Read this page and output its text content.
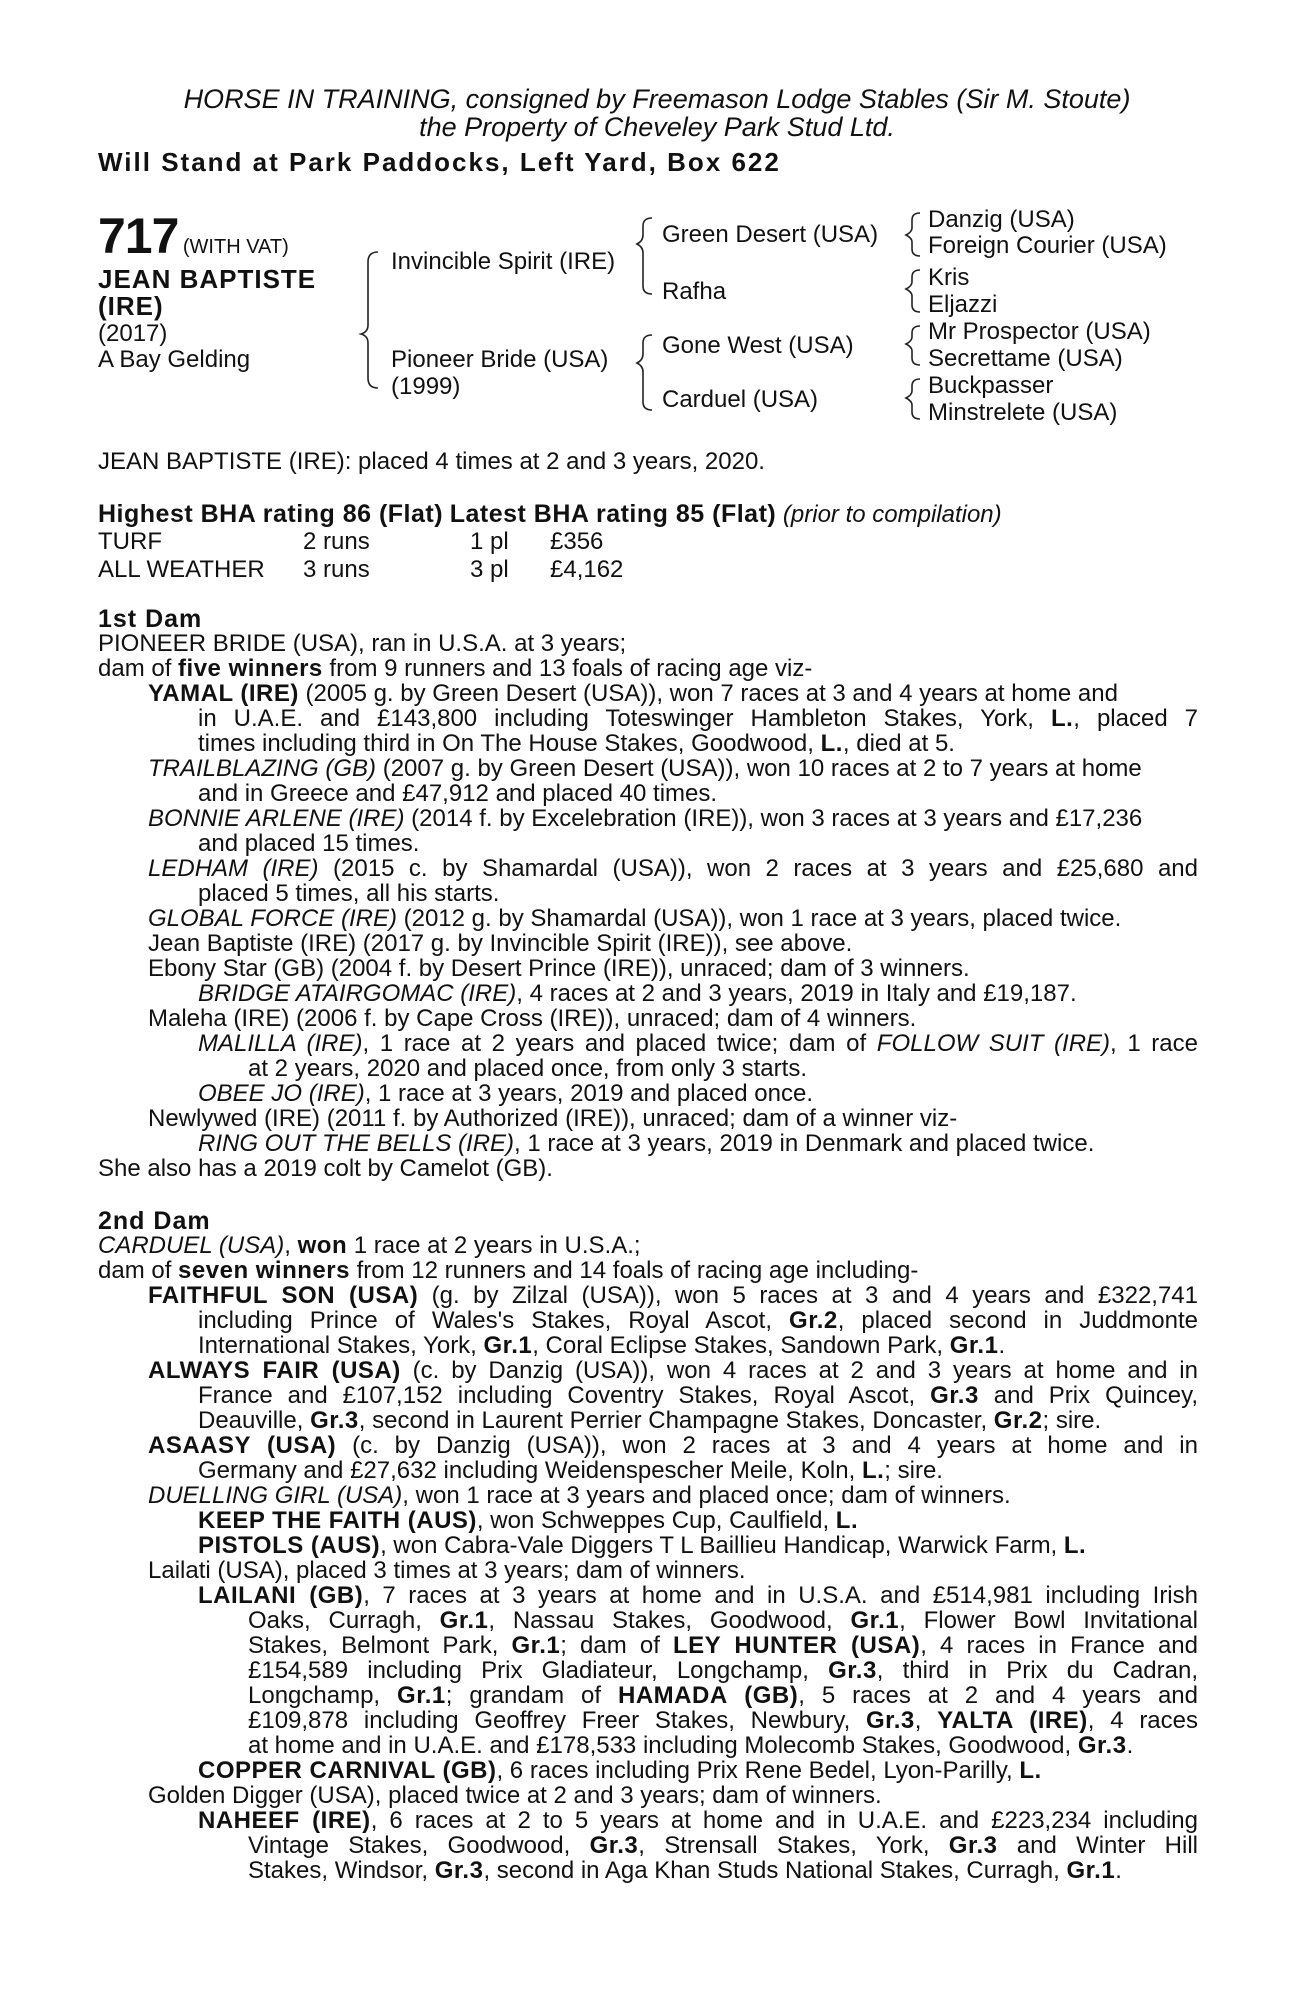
HORSE IN TRAINING, consigned by Freemason Lodge Stables (Sir M. Stoute)
the Property of Cheveley Park Stud Ltd.
Will Stand at Park Paddocks, Left Yard, Box 622
717 (WITH VAT)
JEAN BAPTISTE
(IRE)
(2017)
A Bay Gelding
Invincible Spirit (IRE)
Pioneer Bride (USA)
(1999)
Green Desert (USA)
Rafha
Gone West (USA)
Carduel (USA)
Danzig (USA)
Foreign Courier (USA)
Kris
Eljazzi
Mr Prospector (USA)
Secrettame (USA)
Buckpasser
Minstrelete (USA)
JEAN BAPTISTE (IRE): placed 4 times at 2 and 3 years, 2020.
Highest BHA rating 86 (Flat) Latest BHA rating 85 (Flat) (prior to compilation)
TURF	2 runs	1 pl	£356
ALL WEATHER	3 runs	3 pl	£4,162
1st Dam
PIONEER BRIDE (USA), ran in U.S.A. at 3 years;
dam of five winners from 9 runners and 13 foals of racing age viz-
YAMAL (IRE) (2005 g. by Green Desert (USA)), won 7 races at 3 and 4 years at home and
in U.A.E. and £143,800 including Toteswinger Hambleton Stakes, York, L., placed 7
times including third in On The House Stakes, Goodwood, L., died at 5.
TRAILBLAZING (GB) (2007 g. by Green Desert (USA)), won 10 races at 2 to 7 years at home
and in Greece and £47,912 and placed 40 times.
BONNIE ARLENE (IRE) (2014 f. by Excelebration (IRE)), won 3 races at 3 years and £17,236
and placed 15 times.
LEDHAM (IRE) (2015 c. by Shamardal (USA)), won 2 races at 3 years and £25,680 and
placed 5 times, all his starts.
GLOBAL FORCE (IRE) (2012 g. by Shamardal (USA)), won 1 race at 3 years, placed twice.
Jean Baptiste (IRE) (2017 g. by Invincible Spirit (IRE)), see above.
Ebony Star (GB) (2004 f. by Desert Prince (IRE)), unraced; dam of 3 winners.
BRIDGE ATAIRGOMAC (IRE), 4 races at 2 and 3 years, 2019 in Italy and £19,187.
Maleha (IRE) (2006 f. by Cape Cross (IRE)), unraced; dam of 4 winners.
MALILLA (IRE), 1 race at 2 years and placed twice; dam of FOLLOW SUIT (IRE), 1 race
at 2 years, 2020 and placed once, from only 3 starts.
OBEE JO (IRE), 1 race at 3 years, 2019 and placed once.
Newlywed (IRE) (2011 f. by Authorized (IRE)), unraced; dam of a winner viz-
RING OUT THE BELLS (IRE), 1 race at 3 years, 2019 in Denmark and placed twice.
She also has a 2019 colt by Camelot (GB).
2nd Dam
CARDUEL (USA), won 1 race at 2 years in U.S.A.;
dam of seven winners from 12 runners and 14 foals of racing age including-
FAITHFUL SON (USA) (g. by Zilzal (USA)), won 5 races at 3 and 4 years and £322,741
including Prince of Wales's Stakes, Royal Ascot, Gr.2, placed second in Juddmonte
International Stakes, York, Gr.1, Coral Eclipse Stakes, Sandown Park, Gr.1.
ALWAYS FAIR (USA) (c. by Danzig (USA)), won 4 races at 2 and 3 years at home and in
France and £107,152 including Coventry Stakes, Royal Ascot, Gr.3 and Prix Quincey,
Deauville, Gr.3, second in Laurent Perrier Champagne Stakes, Doncaster, Gr.2; sire.
ASAASY (USA) (c. by Danzig (USA)), won 2 races at 3 and 4 years at home and in
Germany and £27,632 including Weidenspescher Meile, Koln, L.; sire.
DUELLING GIRL (USA), won 1 race at 3 years and placed once; dam of winners.
KEEP THE FAITH (AUS), won Schweppes Cup, Caulfield, L.
PISTOLS (AUS), won Cabra-Vale Diggers T L Baillieu Handicap, Warwick Farm, L.
Lailati (USA), placed 3 times at 3 years; dam of winners.
LAILANI (GB), 7 races at 3 years at home and in U.S.A. and £514,981 including Irish
Oaks, Curragh, Gr.1, Nassau Stakes, Goodwood, Gr.1, Flower Bowl Invitational
Stakes, Belmont Park, Gr.1; dam of LEY HUNTER (USA), 4 races in France and
£154,589 including Prix Gladiateur, Longchamp, Gr.3, third in Prix du Cadran,
Longchamp, Gr.1; grandam of HAMADA (GB), 5 races at 2 and 4 years and
£109,878 including Geoffrey Freer Stakes, Newbury, Gr.3, YALTA (IRE), 4 races
at home and in U.A.E. and £178,533 including Molecomb Stakes, Goodwood, Gr.3.
COPPER CARNIVAL (GB), 6 races including Prix Rene Bedel, Lyon-Parilly, L.
Golden Digger (USA), placed twice at 2 and 3 years; dam of winners.
NAHEEF (IRE), 6 races at 2 to 5 years at home and in U.A.E. and £223,234 including
Vintage Stakes, Goodwood, Gr.3, Strensall Stakes, York, Gr.3 and Winter Hill
Stakes, Windsor, Gr.3, second in Aga Khan Studs National Stakes, Curragh, Gr.1.
